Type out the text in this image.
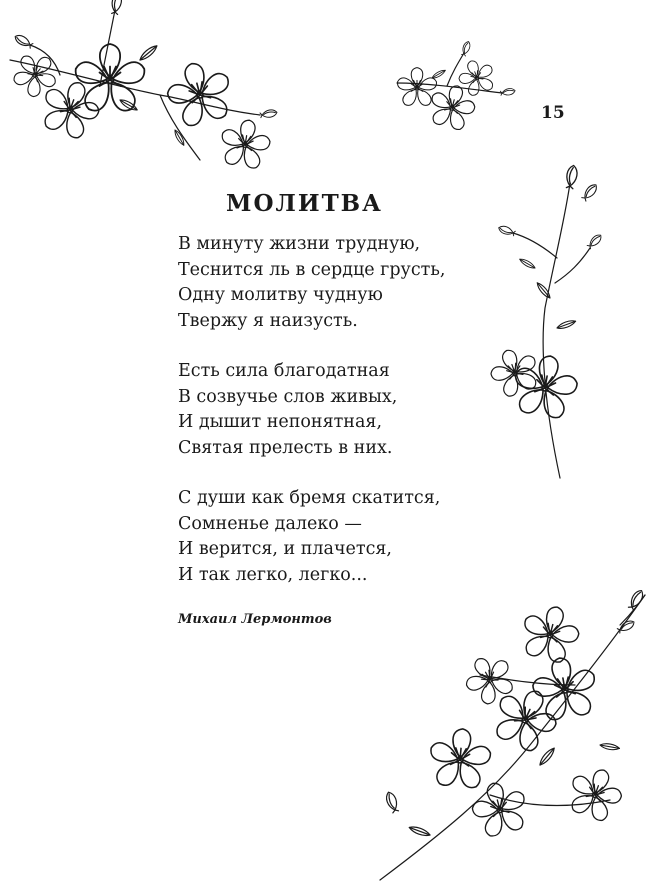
15
МОЛИТВА
В минуту жизни трудную,
Теснится ль в сердце грусть,
Одну молитву чудную
Твержу я наизусть.
Есть сила благодатная
В созвучье слов живых,
И дышит непонятная,
Святая прелесть в них.
С души как бремя скатится,
Сомненье далеко —
И верится, и плачется,
И так легко, легко...
Михаил Лермонтов
